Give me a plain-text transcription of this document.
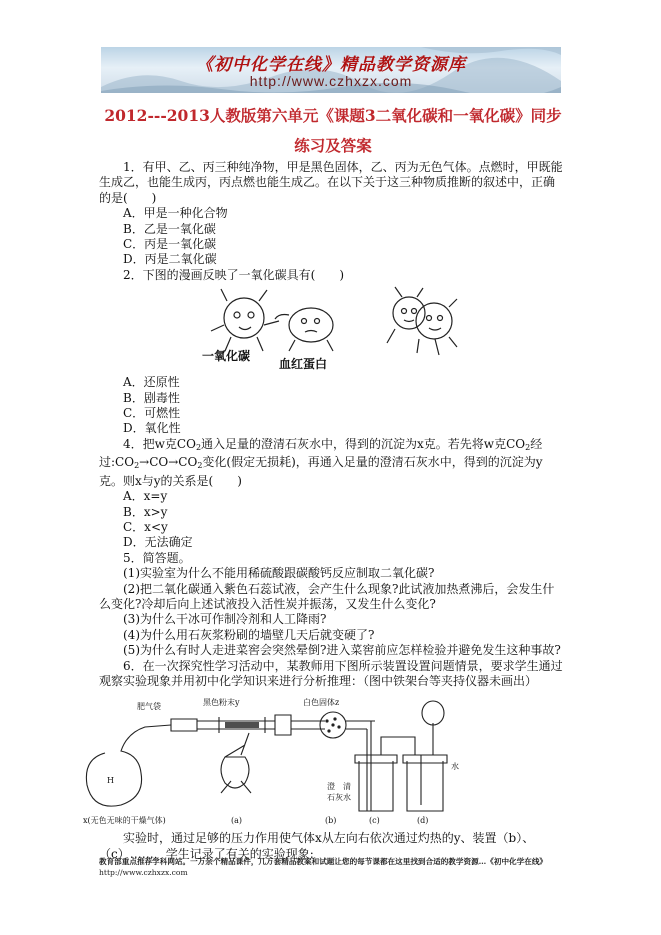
《初中化学在线》精品教学资源库
http://www.czhxzx.com
2012---2013人教版第六单元《课题3二氧化碳和一氧化碳》同步练习及答案

1．有甲、乙、丙三种纯净物，甲是黑色固体，乙、丙为无色气体。点燃时，甲既能生成乙，也能生成丙，丙点燃也能生成乙。在以下关于这三种物质推断的叙述中，正确的是(　　)

A．甲是一种化合物

B．乙是一氧化碳

C．丙是一氧化碳

D．丙是二氧化碳

2．下图的漫画反映了一氧化碳具有(　　)

一氧化碳
血红蛋白

A．还原性

B．剧毒性

C．可燃性

D．氧化性

4．把w克CO2通入足量的澄清石灰水中，得到的沉淀为x克。若先将w克CO2经过:CO2→CO→CO2变化(假定无损耗)，再通入足量的澄清石灰水中，得到的沉淀为y克。则x与y的关系是(　　)

A．x=y

B．x>y

C．x<y

D．无法确定

5．简答题。

(1)实验室为什么不能用稀硫酸跟碳酸钙反应制取二氧化碳?

(2)把二氧化碳通入紫色石蕊试液，会产生什么现象?此试液加热煮沸后，会发生什么变化?冷却后向上述试液投入活性炭并振荡，又发生什么变化?

(3)为什么干冰可作制冷剂和人工降雨?

(4)为什么用石灰浆粉刷的墙壁几天后就变硬了?

(5)为什么有时人走进菜窖会突然晕倒?进入菜窖前应怎样检验并避免发生这种事故?

6．在一次探究性学习活动中，某教师用下图所示装置设置问题情景，要求学生通过观察实验现象并用初中化学知识来进行分析推理：（图中铁架台等夹持仪器未画出）

肥气袋	黑色粉末y	白色固体z
H
澄　清
石灰水
水
x(无色无味的干燥气体)	(a)	(b)	(c)	(d)

实验时，通过足够的压力作用使气体x从左向右依次通过灼热的y、装置（b）、（c）……，学生记录了有关的实验现象:

教育部重点推荐学科网站。一万余个精品课件，几万套精品教案和试题让您的每节课都在这里找到合适的教学资源…《初中化学在线》http://www.czhxzx.com
